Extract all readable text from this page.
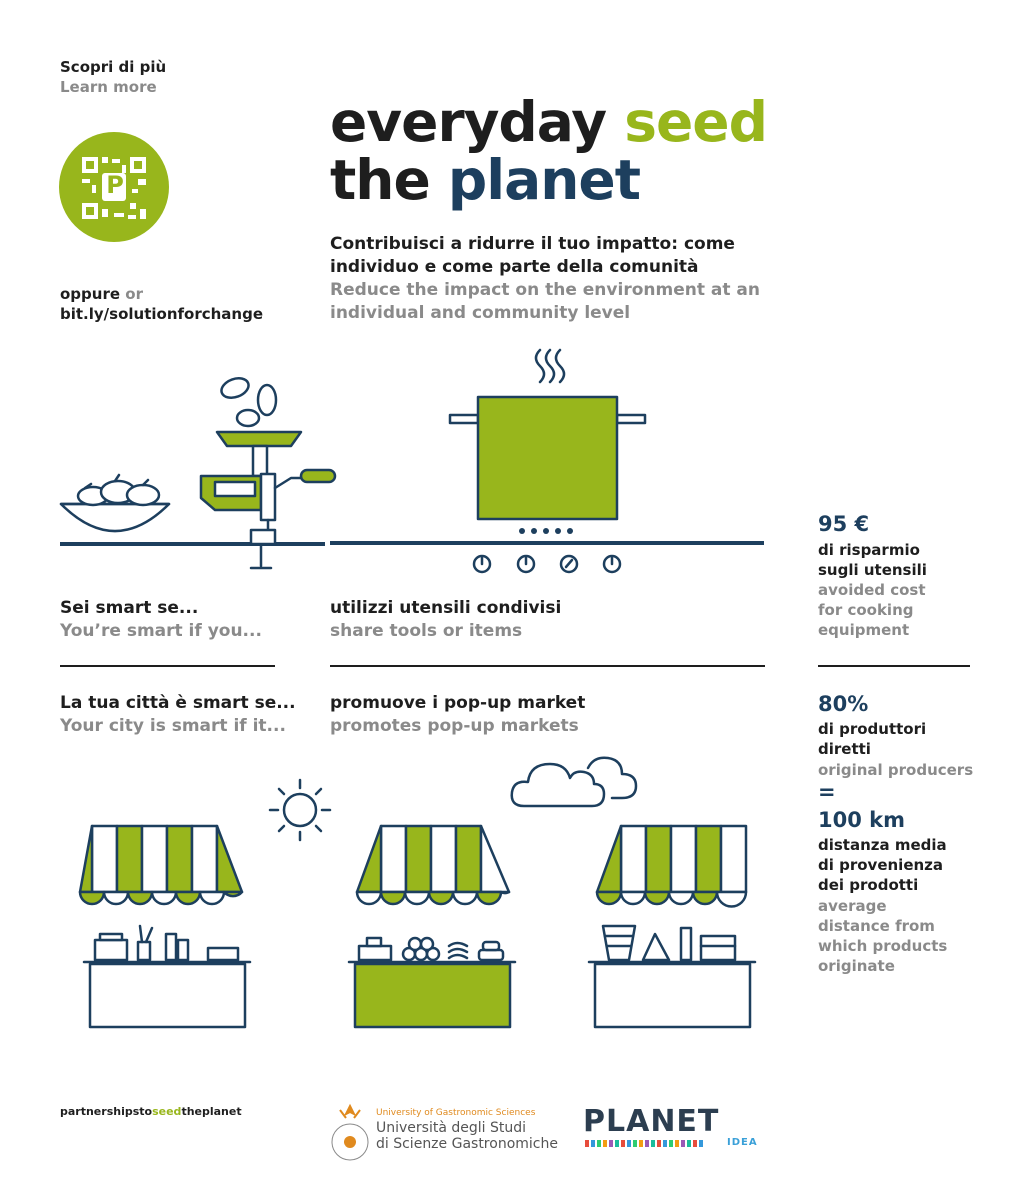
Scopri di più
Learn more
P
oppure or
bit.ly/solutionforchange
everyday seed
the planet
Contribuisci a ridurre il tuo impatto: come
individuo e come parte della comunità
Reduce the impact on the environment at an
individual and community level
Sei smart se...
You’re smart if you...
utilizzi utensili condivisi
share tools or items
La tua città è smart se...
Your city is smart if it...
promuove i pop-up market
promotes pop-up markets
95 €
di risparmio
sugli utensili
avoided cost
for cooking
equipment
80%
di produttori
diretti
original producers
=
100 km
distanza media
di provenienza
dei prodotti
average
distance from
which products
originate
partnershipstoseedtheplanet	University of Gastronomic Sciences
Università degli Studi
di Scienze Gastronomiche
PLANET
IDEA
